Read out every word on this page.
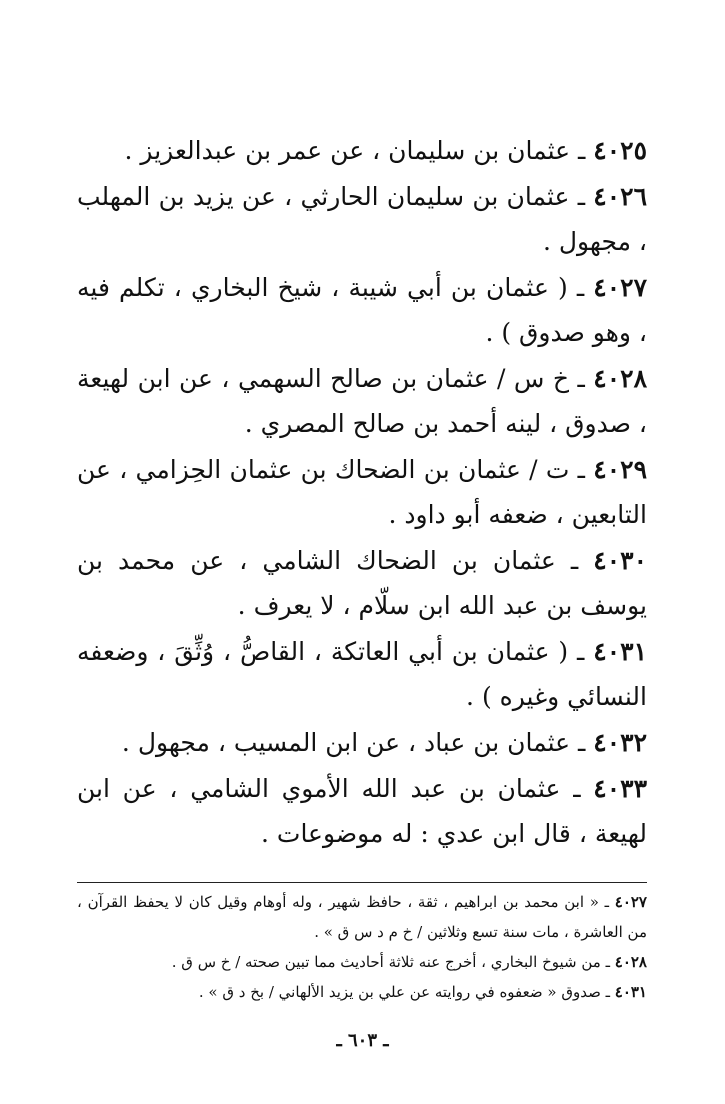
٤٠٢٥ ـ عثمان بن سليمان ، عن عمر بن عبدالعزيز .

٤٠٢٦ ـ عثمان بن سليمان الحارثي ، عن يزيد بن المهلب ، مجهول .

٤٠٢٧ ـ ( عثمان بن أبي شيبة ، شيخ البخاري ، تكلم فيه ، وهو صدوق ) .

٤٠٢٨ ـ خ س / عثمان بن صالح السهمي ، عن ابن لهيعة ، صدوق ، لينه أحمد بن صالح المصري .

٤٠٢٩ ـ ت / عثمان بن الضحاك بن عثمان الحِزامي ، عن التابعين ، ضعفه أبو داود .

٤٠٣٠ ـ عثمان بن الضحاك الشامي ، عن محمد بن يوسف بن عبد الله ابن سلّام ، لا يعرف .

٤٠٣١ ـ ( عثمان بن أبي العاتكة ، القاصُّ ، وُثِّقَ ، وضعفه النسائي وغيره ) .

٤٠٣٢ ـ عثمان بن عباد ، عن ابن المسيب ، مجهول .

٤٠٣٣ ـ عثمان بن عبد الله الأموي الشامي ، عن ابن لهيعة ، قال ابن عدي : له موضوعات .

٤٠٢٧ ـ « ابن محمد بن ابراهيم ، ثقة ، حافظ شهير ، وله أوهام وقيل كان لا يحفظ القرآن ، من العاشرة ، مات سنة تسع وثلاثين / خ م د س ق » .
٤٠٢٨ ـ من شيوخ البخاري ، أخرج عنه ثلاثة أحاديث مما تبين صحته / خ س ق .
٤٠٣١ ـ صدوق « ضعفوه في روايته عن علي بن يزيد الألهاني / بخ د ق » .
ـ ٦٠٣ ـ
